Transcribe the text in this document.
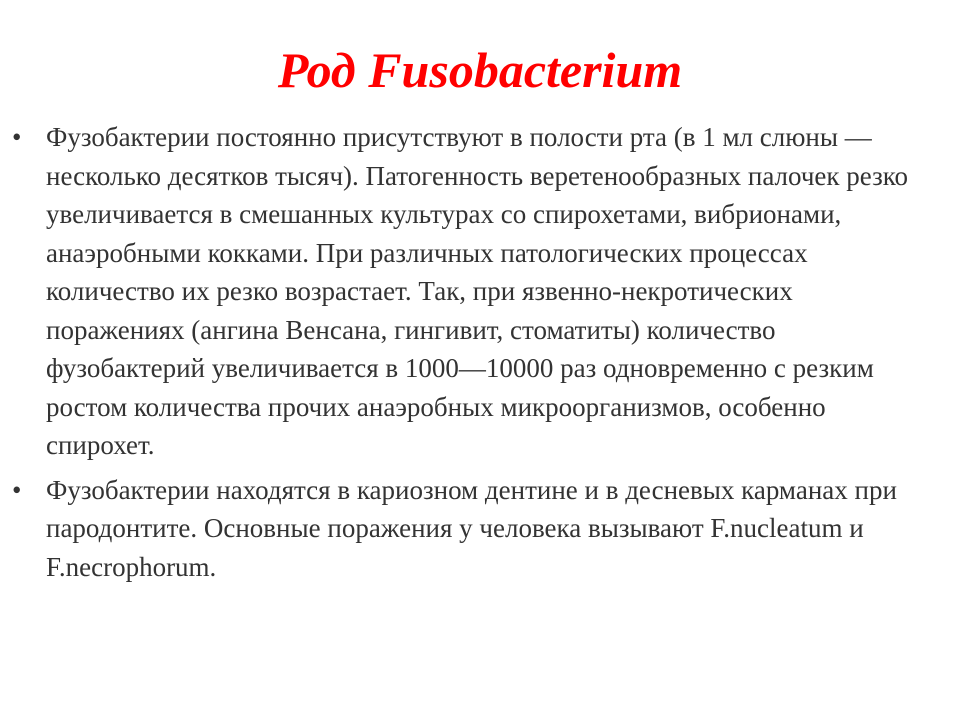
Род Fusobacterium
• Фузобактерии постоянно присутствуют в полости рта (в 1 мл слюны — несколько десятков тысяч). Патогенность веретенообразных палочек резко увеличивается в смешанных культурах со спирохетами, вибрионами, анаэробными кокками. При различных патологических процессах количество их резко возрастает. Так, при язвенно-некротических поражениях (ангина Венсана, гингивит, стоматиты) количество фузобактерий увеличивается в 1000—10000 раз одновременно с резким ростом количества прочих анаэробных микроорганизмов, особенно спирохет.
• Фузобактерии находятся в кариозном дентине и в десневых карманах при пародонтите. Основные поражения у человека вызывают F.nucleatum и F.necrophorum.
